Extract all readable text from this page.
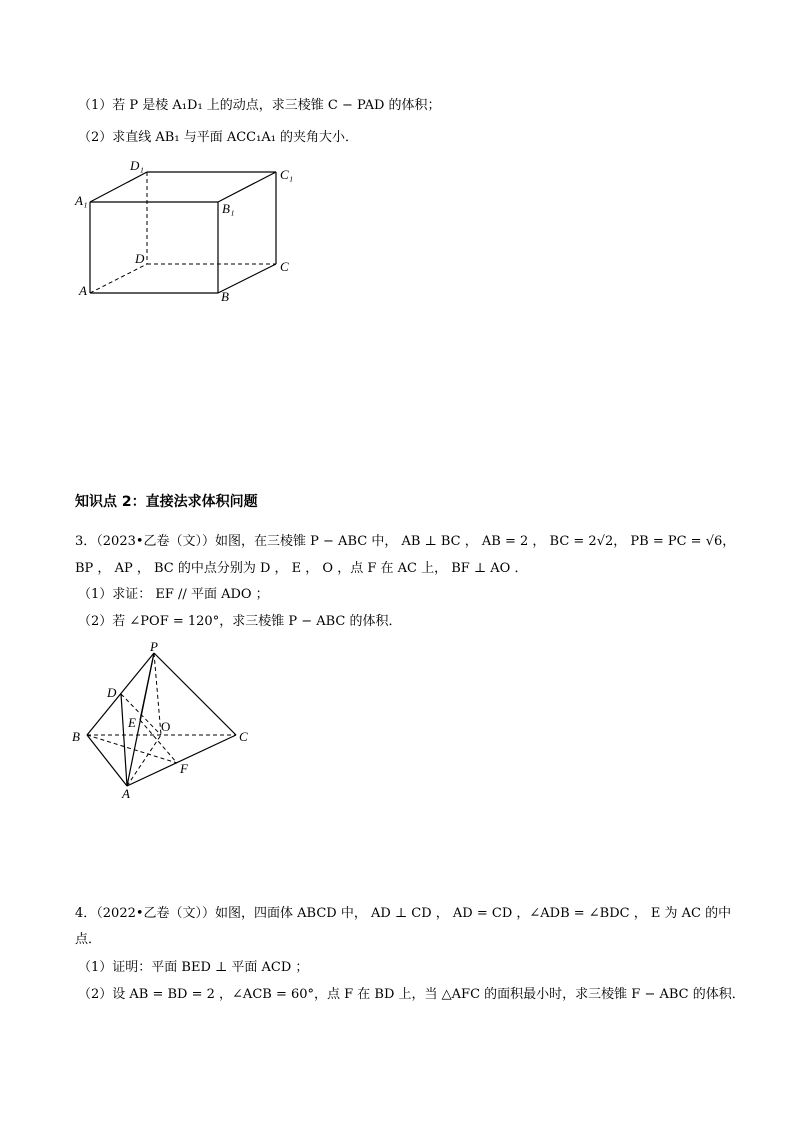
（1）若 P 是棱 A₁D₁ 上的动点，求三棱锥 C − PAD 的体积；
（2）求直线 AB₁ 与平面 ACC₁A₁ 的夹角大小．
D₁
C₁
A₁
B₁
D
C
A	B
知识点 2：直接法求体积问题
3．（2023•乙卷（文））如图，在三棱锥 P − ABC 中， AB ⊥ BC ， AB = 2 ， BC = 2√2， PB = PC = √6，
BP ， AP ， BC 的中点分别为 D ， E ， O ，点 F 在 AC 上， BF ⊥ AO ．
（1）求证： EF // 平面 ADO ；
（2）若 ∠POF = 120°，求三棱锥 P − ABC 的体积．
P
D
E O
B	C
F
A
4．（2022•乙卷（文））如图，四面体 ABCD 中， AD ⊥ CD ， AD = CD ，∠ADB = ∠BDC ， E 为 AC 的中
点．
（1）证明：平面 BED ⊥ 平面 ACD ；
（2）设 AB = BD = 2 ，∠ACB = 60°，点 F 在 BD 上，当 △AFC 的面积最小时，求三棱锥 F − ABC 的体积．
